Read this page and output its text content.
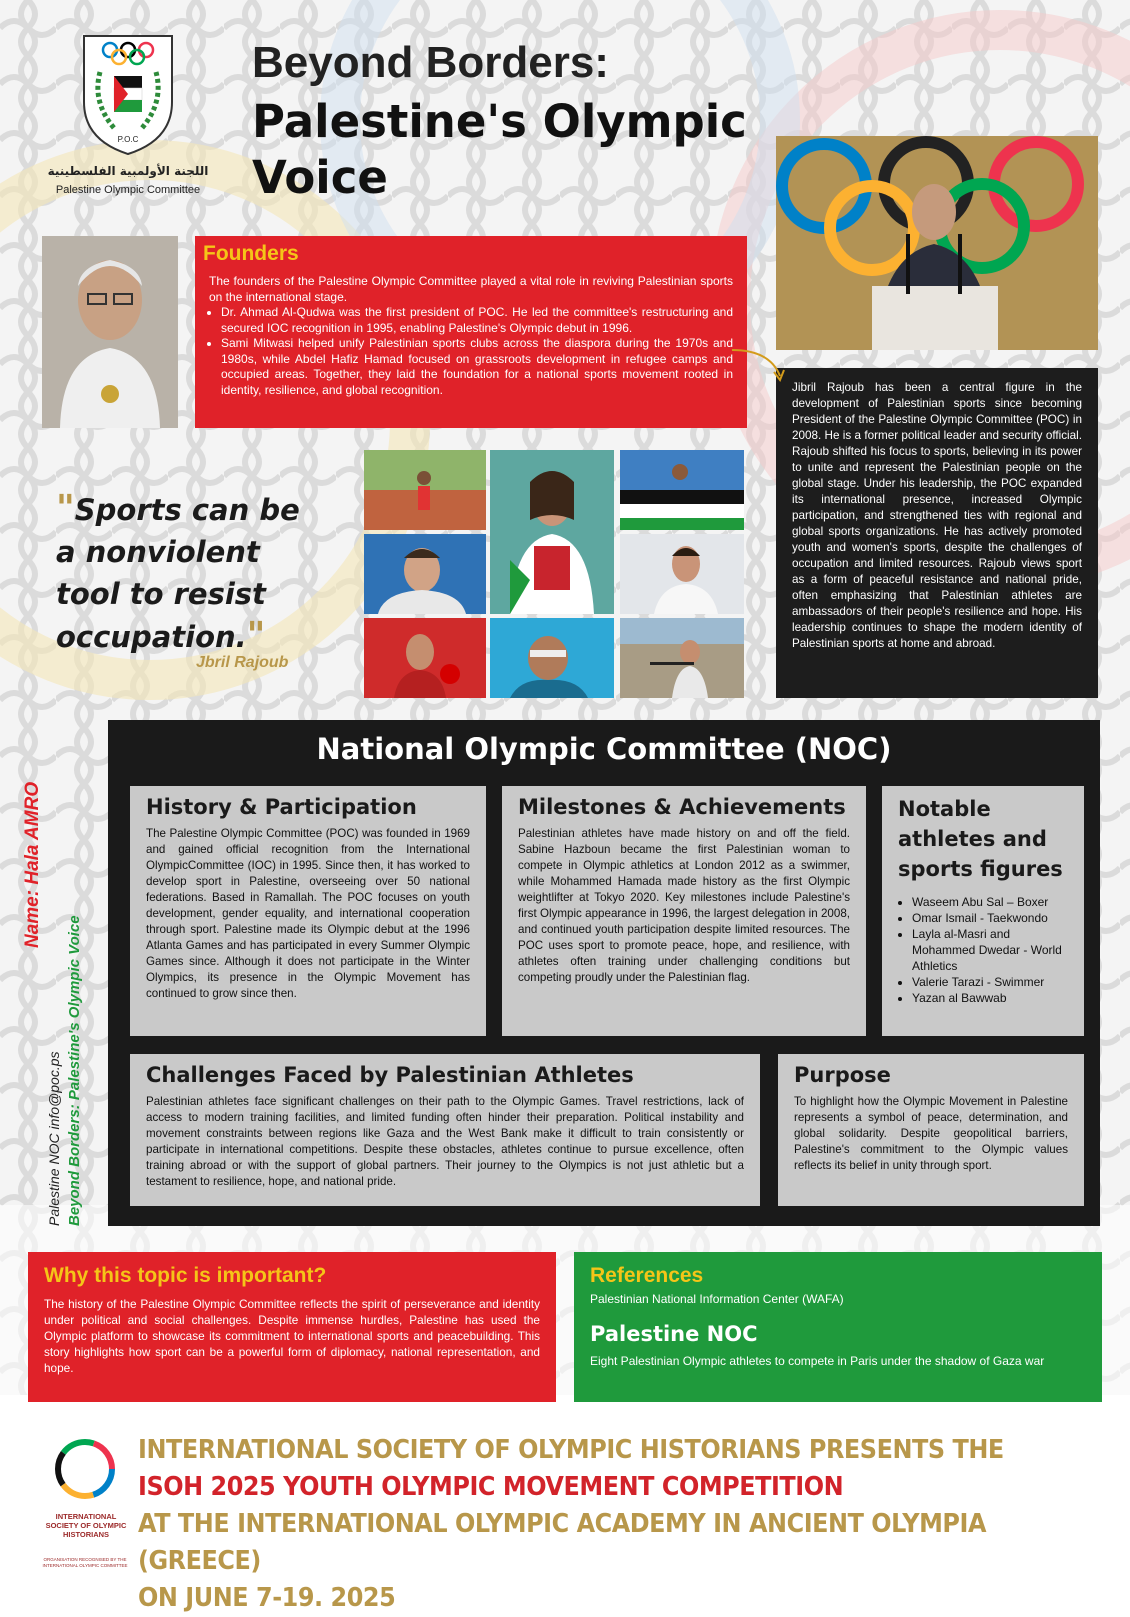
P.O.C
اللجنة الأولمبية الفلسطينية
Palestine Olympic Committee
Beyond Borders:
Palestine's Olympic Voice
Founders

The founders of the Palestine Olympic Committee played a vital role in reviving Palestinian sports on the international stage.

• Dr. Ahmad Al-Qudwa was the first president of POC. He led the committee's restructuring and secured IOC recognition in 1995, enabling Palestine's Olympic debut in 1996.
• Sami Mitwasi helped unify Palestinian sports clubs across the diaspora during the 1970s and 1980s, while Abdel Hafiz Hamad focused on grassroots development in refugee camps and occupied areas. Together, they laid the foundation for a national sports movement rooted in identity, resilience, and global recognition.	Jibril Rajoub has been a central figure in the development of Palestinian sports since becoming President of the Palestine Olympic Committee (POC) in 2008. He is a former political leader and security official. Rajoub shifted his focus to sports, believing in its power to unite and represent the Palestinian people on the global stage. Under his leadership, the POC expanded its international presence, increased Olympic participation, and strengthened ties with regional and global sports organizations. He has actively promoted youth and women's sports, despite the challenges of occupation and limited resources. Rajoub views sport as a form of peaceful resistance and national pride, often emphasizing that Palestinian athletes are ambassadors of their people's resilience and hope. His leadership continues to shape the modern identity of Palestinian sports at home and abroad.

"Sports can be a nonviolent tool to resist occupation."
Jbril Rajoub
Name: Hala AMRO
Palestine NOC info@poc.ps Beyond Borders: Palestine's Olympic Voice
National Olympic Committee (NOC)
History & Participation

The Palestine Olympic Committee (POC) was founded in 1969 and gained official recognition from the International OlympicCommittee (IOC) in 1995. Since then, it has worked to develop sport in Palestine, overseeing over 50 national federations. Based in Ramallah. The POC focuses on youth development, gender equality, and international cooperation through sport. Palestine made its Olympic debut at the 1996 Atlanta Games and has participated in every Summer Olympic Games since. Although it does not participate in the Winter Olympics, its presence in the Olympic Movement has continued to grow since then.

Milestones & Achievements

Palestinian athletes have made history on and off the field. Sabine Hazboun became the first Palestinian woman to compete in Olympic athletics at London 2012 as a swimmer, while Mohammed Hamada made history as the first Olympic weightlifter at Tokyo 2020. Key milestones include Palestine's first Olympic appearance in 1996, the largest delegation in 2008, and continued youth participation despite limited resources. The POC uses sport to promote peace, hope, and resilience, with athletes often training under challenging conditions but competing proudly under the Palestinian flag.

Notable athletes and sports figures
• Waseem Abu Sal – Boxer
• Omar Ismail - Taekwondo
• Layla al-Masri and Mohammed Dwedar - World Athletics
• Valerie Tarazi - Swimmer
• Yazan al Bawwab
Challenges Faced by Palestinian Athletes

Palestinian athletes face significant challenges on their path to the Olympic Games. Travel restrictions, lack of access to modern training facilities, and limited funding often hinder their preparation. Political instability and movement constraints between regions like Gaza and the West Bank make it difficult to train consistently or participate in international competitions. Despite these obstacles, athletes continue to pursue excellence, often training abroad or with the support of global partners. Their journey to the Olympics is not just athletic but a testament to resilience, hope, and national pride.

Purpose

To highlight how the Olympic Movement in Palestine represents a symbol of peace, determination, and global solidarity. Despite geopolitical barriers, Palestine's commitment to the Olympic values reflects its belief in unity through sport.

Why this topic is important?

The history of the Palestine Olympic Committee reflects the spirit of perseverance and identity under political and social challenges. Despite immense hurdles, Palestine has used the Olympic platform to showcase its commitment to international sports and peacebuilding. This story highlights how sport can be a powerful form of diplomacy, national representation, and hope.

References
Palestinian National Information Center (WAFA)
Palestine NOC
Eight Palestinian Olympic athletes to compete in Paris under the shadow of Gaza war
INTERNATIONAL SOCIETY OF OLYMPIC HISTORIANS
ORGANISATION RECOGNISED BY THE INTERNATIONAL OLYMPIC COMMITTEE
INTERNATIONAL SOCIETY OF OLYMPIC HISTORIANS PRESENTS THE
ISOH 2025 YOUTH OLYMPIC MOVEMENT COMPETITION
AT THE INTERNATIONAL OLYMPIC ACADEMY IN ANCIENT OLYMPIA (GREECE)
ON JUNE 7-19. 2025
